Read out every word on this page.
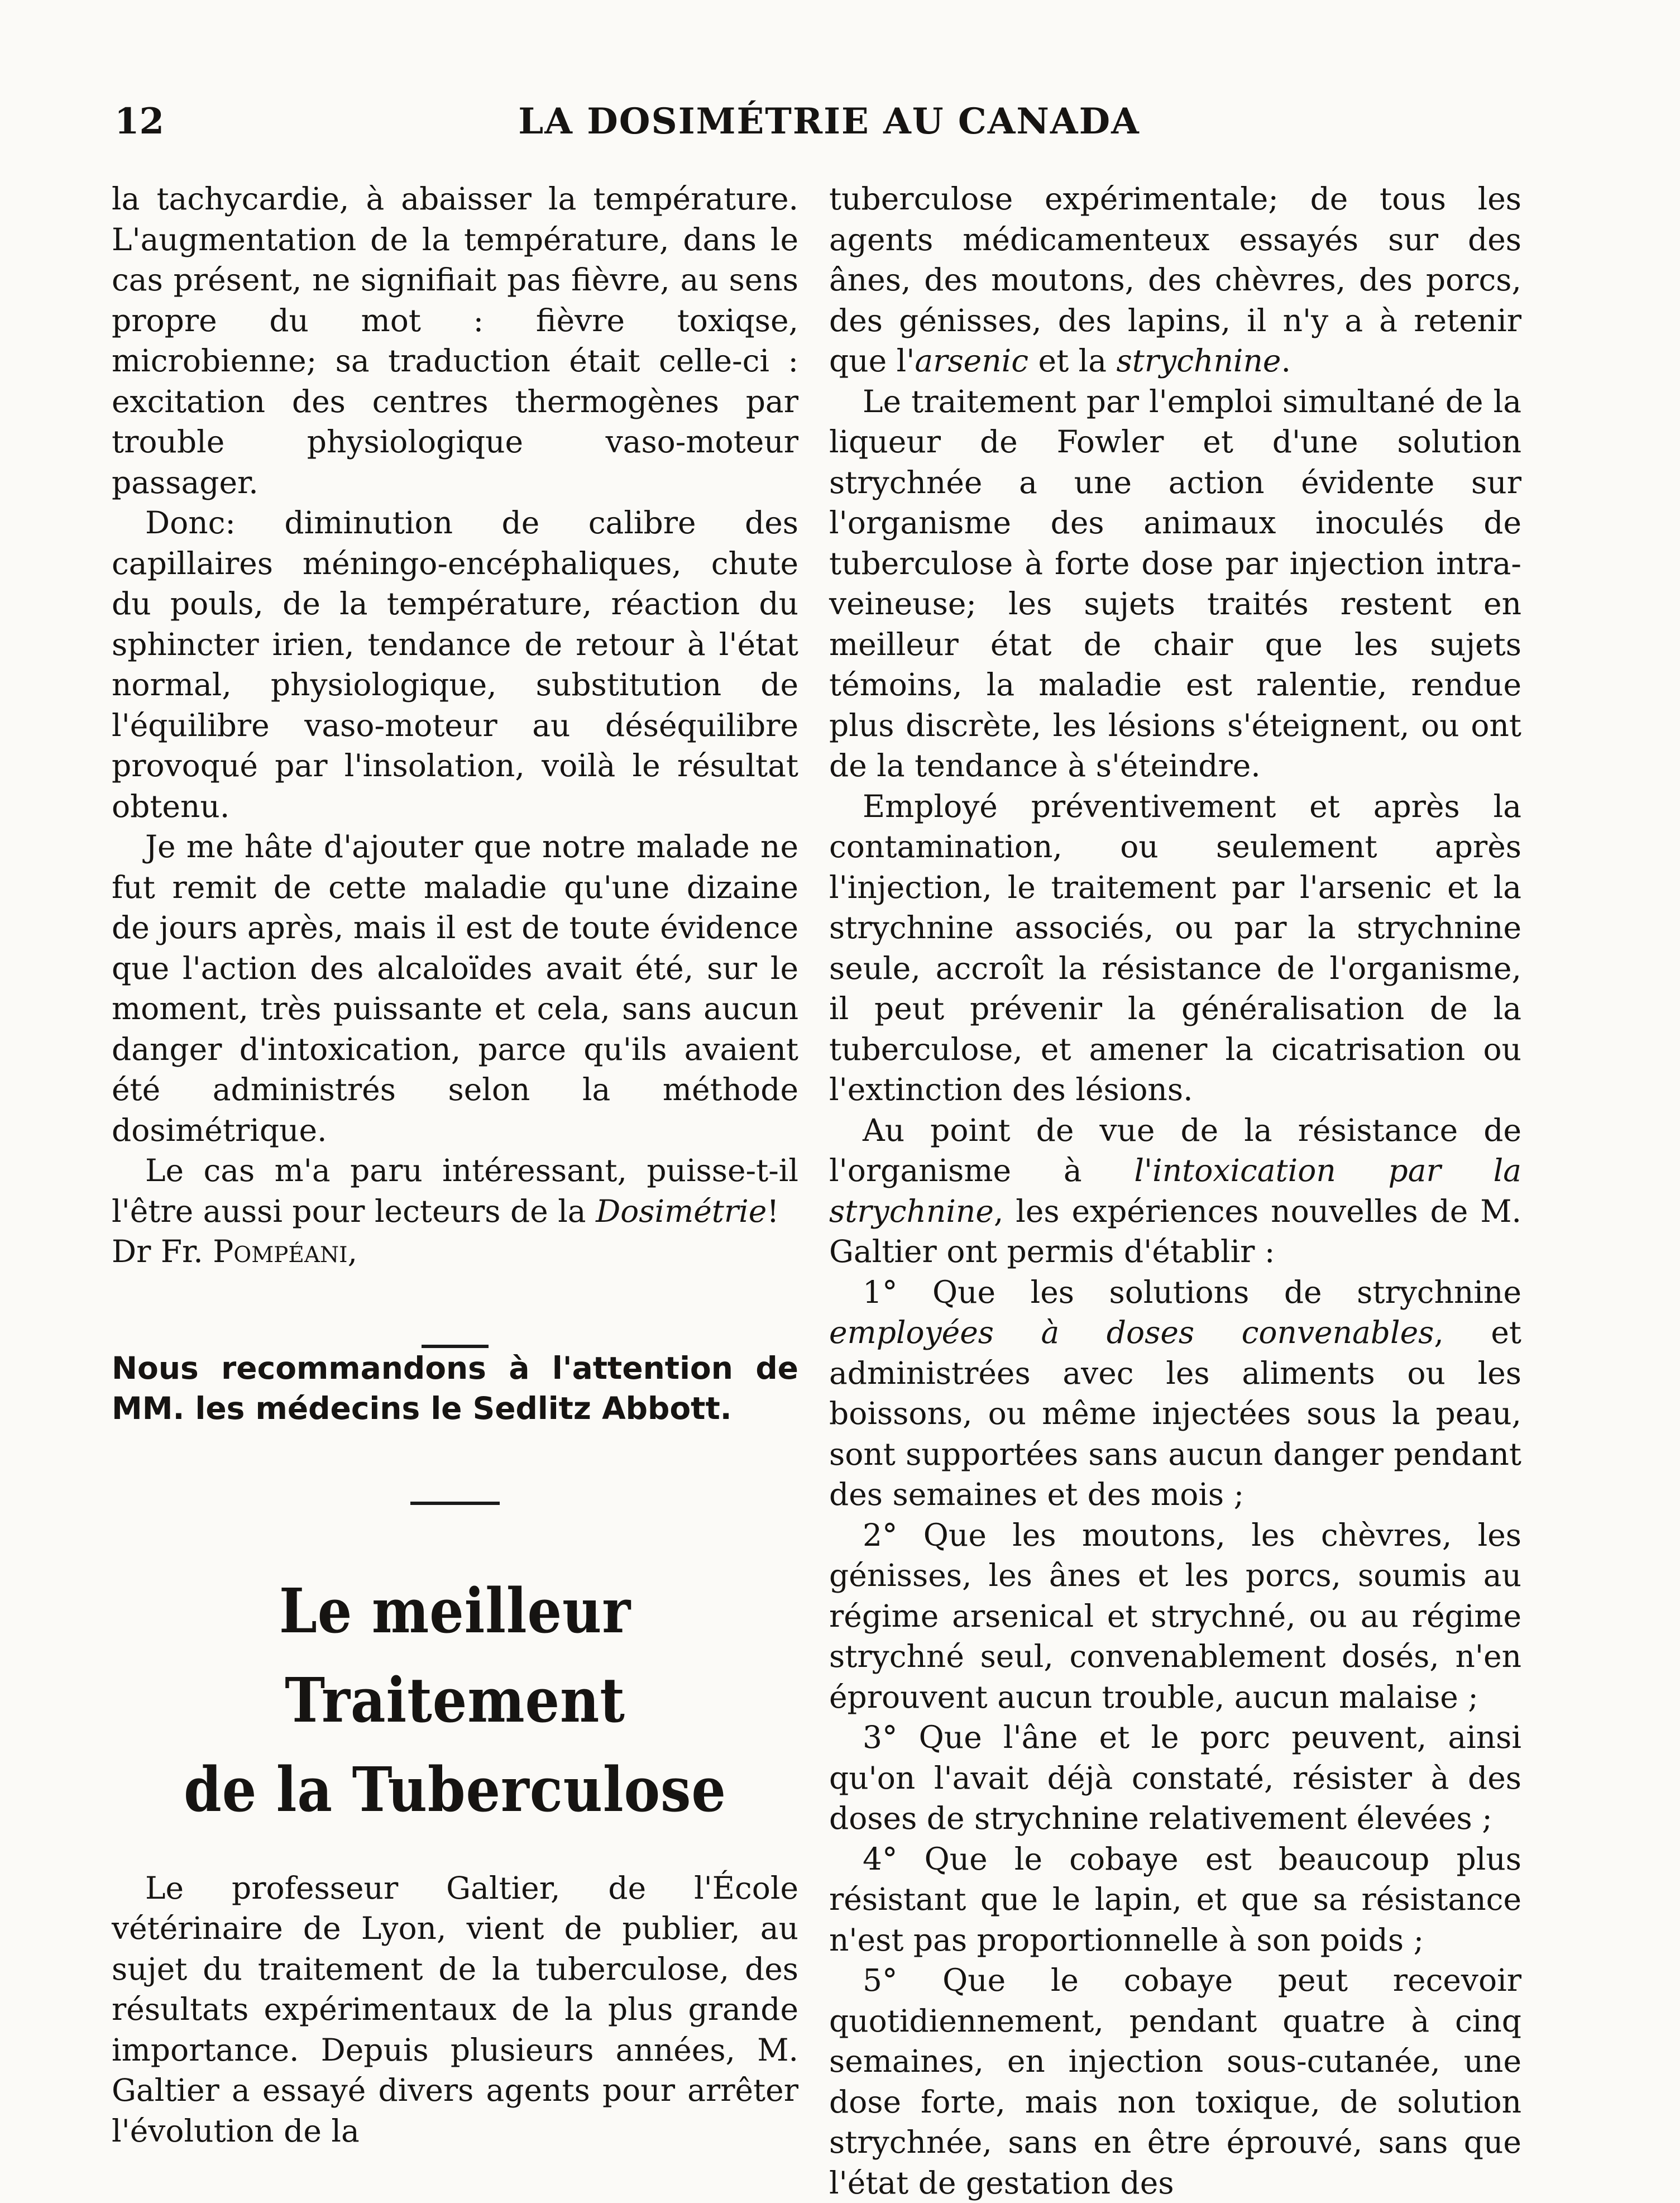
12	LA DOSIMÉTRIE AU CANADA

la tachycardie, à abaisser la température. L'augmentation de la température, dans le cas présent, ne signifiait pas fièvre, au sens propre du mot : fièvre toxiqse, microbienne; sa traduction était celle-ci : excitation des centres thermogènes par trouble physiologique vaso-moteur passager.

Donc: diminution de calibre des capillaires méningo-encéphaliques, chute du pouls, de la température, réaction du sphincter irien, tendance de retour à l'état normal, physiologique, substitution de l'équilibre vaso-moteur au déséquilibre provoqué par l'insolation, voilà le résultat obtenu.

Je me hâte d'ajouter que notre malade ne fut remit de cette maladie qu'une dizaine de jours après, mais il est de toute évidence que l'action des alcaloïdes avait été, sur le moment, très puissante et cela, sans aucun danger d'intoxication, parce qu'ils avaient été administrés selon la méthode dosimétrique.

Le cas m'a paru intéressant, puisse-t-il l'être aussi pour lecteurs de la Dosimétrie!

Dr Fr. Pompéani,

Nous recommandons à l'attention de MM. les médecins le Sedlitz Abbott.

Le meilleur Traitement
de la Tuberculose

Le professeur Galtier, de l'École vétérinaire de Lyon, vient de publier, au sujet du traitement de la tuberculose, des résultats expérimentaux de la plus grande importance. Depuis plusieurs années, M. Galtier a essayé divers agents pour arrêter l'évolution de la

tuberculose expérimentale; de tous les agents médicamenteux essayés sur des ânes, des moutons, des chèvres, des porcs, des génisses, des lapins, il n'y a à retenir que l'arsenic et la strychnine.

Le traitement par l'emploi simultané de la liqueur de Fowler et d'une solution strychnée a une action évidente sur l'organisme des animaux inoculés de tuberculose à forte dose par injection intra-veineuse; les sujets traités restent en meilleur état de chair que les sujets témoins, la maladie est ralentie, rendue plus discrète, les lésions s'éteignent, ou ont de la tendance à s'éteindre.

Employé préventivement et après la contamination, ou seulement après l'injection, le traitement par l'arsenic et la strychnine associés, ou par la strychnine seule, accroît la résistance de l'organisme, il peut prévenir la généralisation de la tuberculose, et amener la cicatrisation ou l'extinction des lésions.

Au point de vue de la résistance de l'organisme à l'intoxication par la strychnine, les expériences nouvelles de M. Galtier ont permis d'établir :

1° Que les solutions de strychnine employées à doses convenables, et administrées avec les aliments ou les boissons, ou même injectées sous la peau, sont supportées sans aucun danger pendant des semaines et des mois ;

2° Que les moutons, les chèvres, les génisses, les ânes et les porcs, soumis au régime arsenical et strychné, ou au régime strychné seul, convenablement dosés, n'en éprouvent aucun trouble, aucun malaise ;

3° Que l'âne et le porc peuvent, ainsi qu'on l'avait déjà constaté, résister à des doses de strychnine relativement élevées ;

4° Que le cobaye est beaucoup plus résistant que le lapin, et que sa résistance n'est pas proportionnelle à son poids ;

5° Que le cobaye peut recevoir quotidiennement, pendant quatre à cinq semaines, en injection sous-cutanée, une dose forte, mais non toxique, de solution strychnée, sans en être éprouvé, sans que l'état de gestation des
